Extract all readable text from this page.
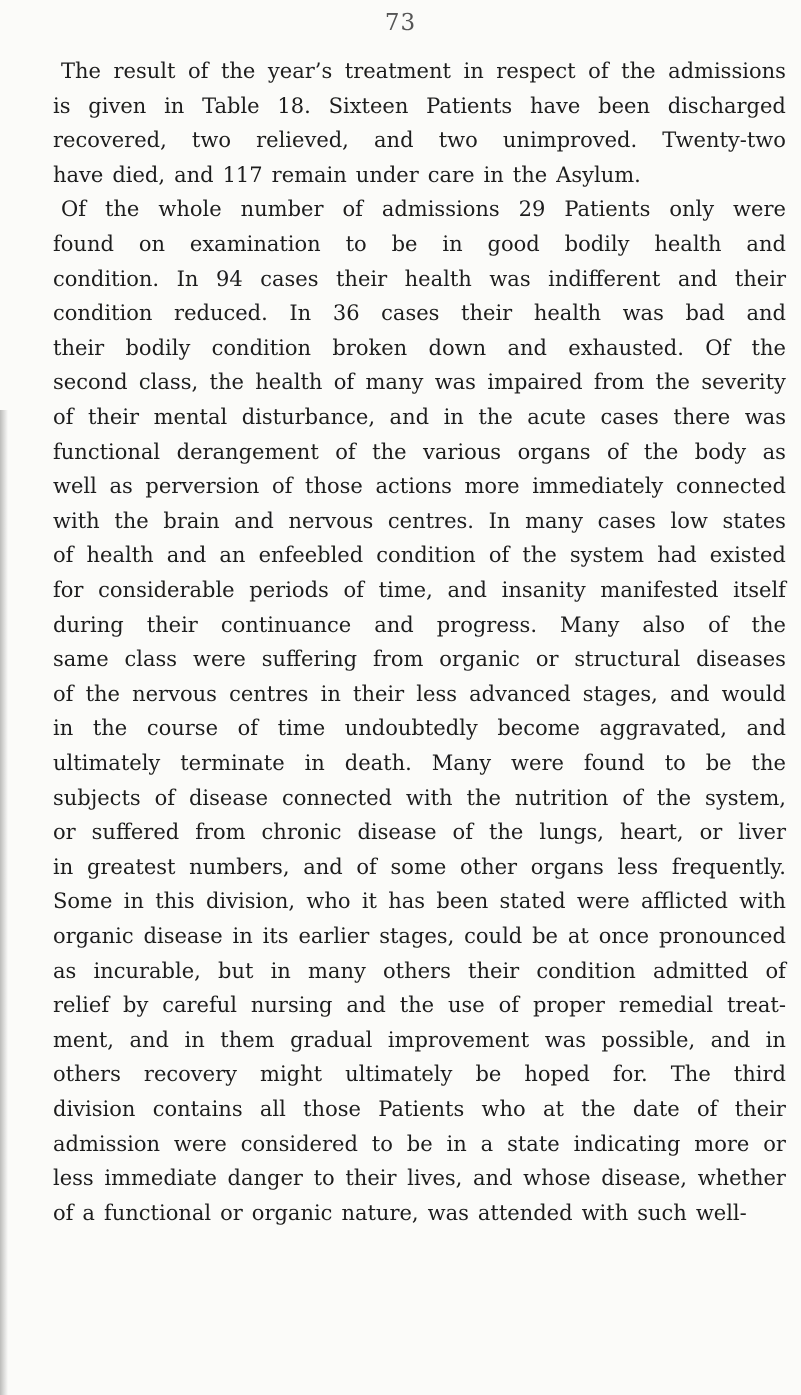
73
The result of the year’s treatment in respect of the admissions
is given in Table 18. Sixteen Patients have been discharged
recovered, two relieved, and two unimproved. Twenty-two
have died, and 117 remain under care in the Asylum.
Of the whole number of admissions 29 Patients only were
found on examination to be in good bodily health and
condition. In 94 cases their health was indifferent and their
condition reduced. In 36 cases their health was bad and
their bodily condition broken down and exhausted. Of the
second class, the health of many was impaired from the severity
of their mental disturbance, and in the acute cases there was
functional derangement of the various organs of the body as
well as perversion of those actions more immediately connected
with the brain and nervous centres. In many cases low states
of health and an enfeebled condition of the system had existed
for considerable periods of time, and insanity manifested itself
during their continuance and progress. Many also of the
same class were suffering from organic or structural diseases
of the nervous centres in their less advanced stages, and would
in the course of time undoubtedly become aggravated, and
ultimately terminate in death. Many were found to be the
subjects of disease connected with the nutrition of the system,
or suffered from chronic disease of the lungs, heart, or liver
in greatest numbers, and of some other organs less frequently.
Some in this division, who it has been stated were afflicted with
organic disease in its earlier stages, could be at once pronounced
as incurable, but in many others their condition admitted of
relief by careful nursing and the use of proper remedial treat-
ment, and in them gradual improvement was possible, and in
others recovery might ultimately be hoped for. The third
division contains all those Patients who at the date of their
admission were considered to be in a state indicating more or
less immediate danger to their lives, and whose disease, whether
of a functional or organic nature, was attended with such well-
